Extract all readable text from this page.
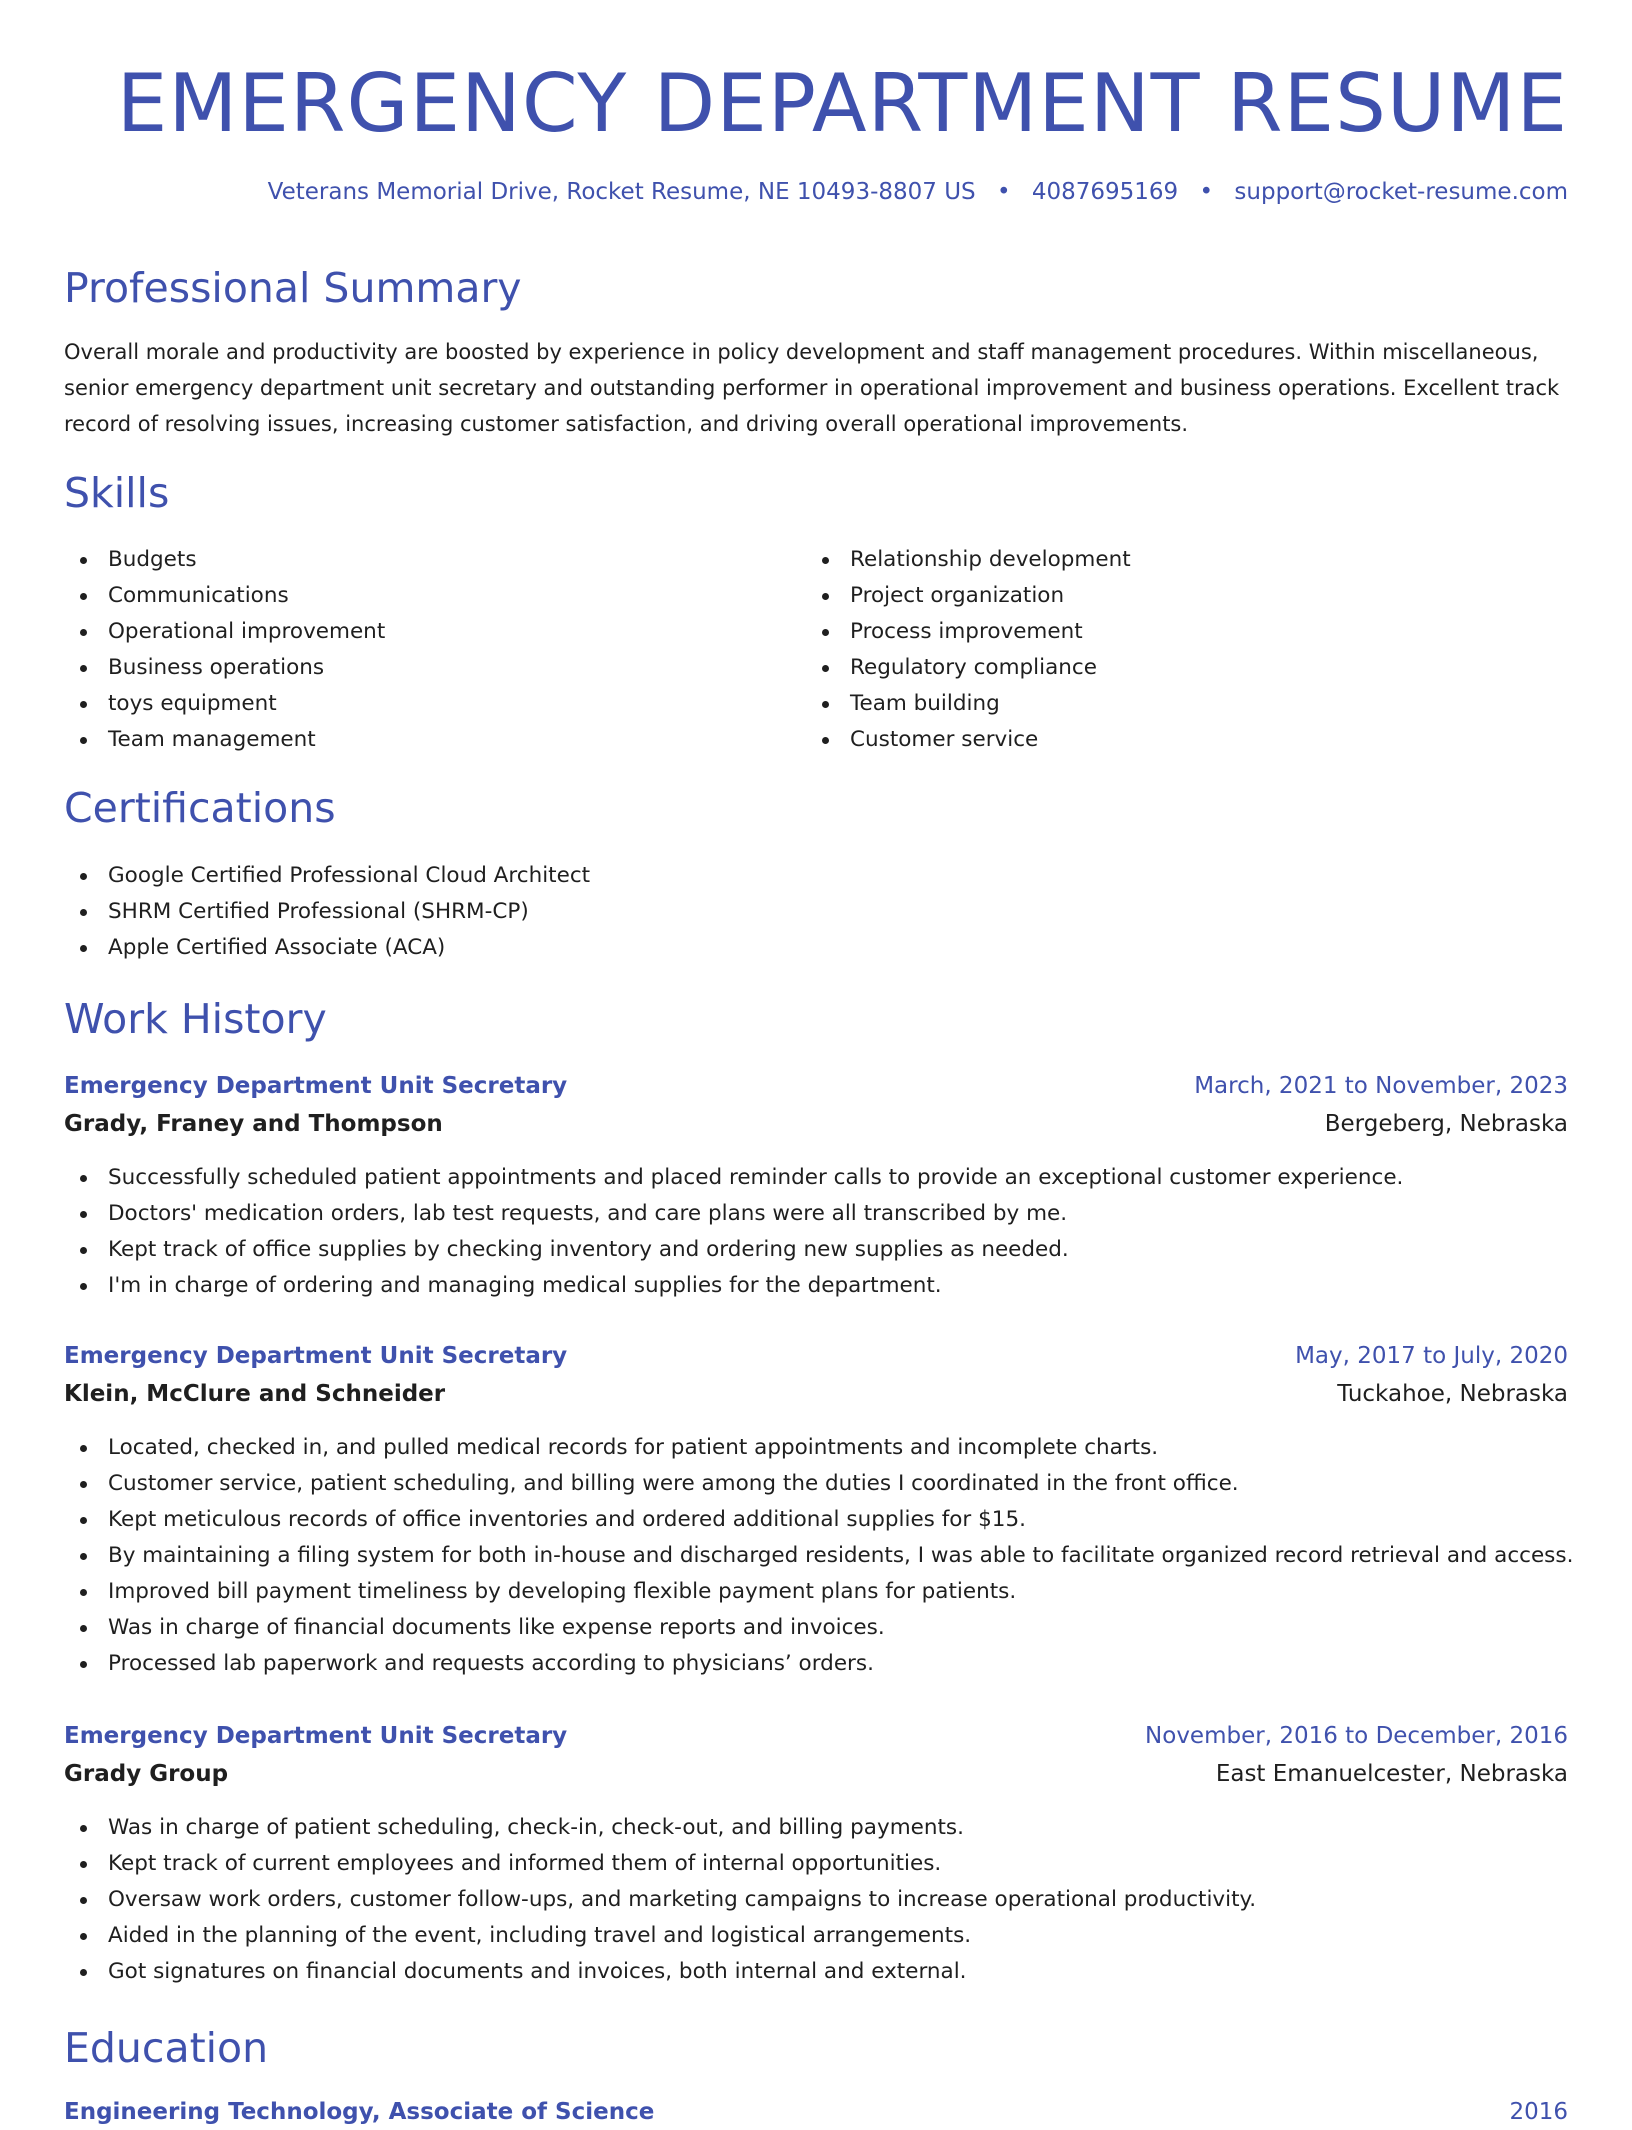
EMERGENCY DEPARTMENT RESUME
Veterans Memorial Drive, Rocket Resume, NE 10493-8807 US • 4087695169 • support@rocket-resume.com
Professional Summary

Overall morale and productivity are boosted by experience in policy development and staff management procedures. Within miscellaneous, senior emergency department unit secretary and outstanding performer in operational improvement and business operations. Excellent track record of resolving issues, increasing customer satisfaction, and driving overall operational improvements.

Skills
Budgets
Communications
Operational improvement
Business operations
toys equipment
Team management
Relationship development
Project organization
Process improvement
Regulatory compliance
Team building
Customer service
Certifications
Google Certified Professional Cloud Architect
SHRM Certified Professional (SHRM-CP)
Apple Certified Associate (ACA)
Work History
Emergency Department Unit Secretary	March, 2021 to November, 2023
Grady, Franey and Thompson	Bergeberg, Nebraska
Successfully scheduled patient appointments and placed reminder calls to provide an exceptional customer experience.
Doctors' medication orders, lab test requests, and care plans were all transcribed by me.
Kept track of office supplies by checking inventory and ordering new supplies as needed.
I'm in charge of ordering and managing medical supplies for the department.
Emergency Department Unit Secretary	May, 2017 to July, 2020
Klein, McClure and Schneider	Tuckahoe, Nebraska
Located, checked in, and pulled medical records for patient appointments and incomplete charts.
Customer service, patient scheduling, and billing were among the duties I coordinated in the front office.
Kept meticulous records of office inventories and ordered additional supplies for $15.
By maintaining a filing system for both in-house and discharged residents, I was able to facilitate organized record retrieval and access.
Improved bill payment timeliness by developing flexible payment plans for patients.
Was in charge of financial documents like expense reports and invoices.
Processed lab paperwork and requests according to physicians’ orders.
Emergency Department Unit Secretary	November, 2016 to December, 2016
Grady Group	East Emanuelcester, Nebraska
Was in charge of patient scheduling, check-in, check-out, and billing payments.
Kept track of current employees and informed them of internal opportunities.
Oversaw work orders, customer follow-ups, and marketing campaigns to increase operational productivity.
Aided in the planning of the event, including travel and logistical arrangements.
Got signatures on financial documents and invoices, both internal and external.
Education
Engineering Technology, Associate of Science	2016
